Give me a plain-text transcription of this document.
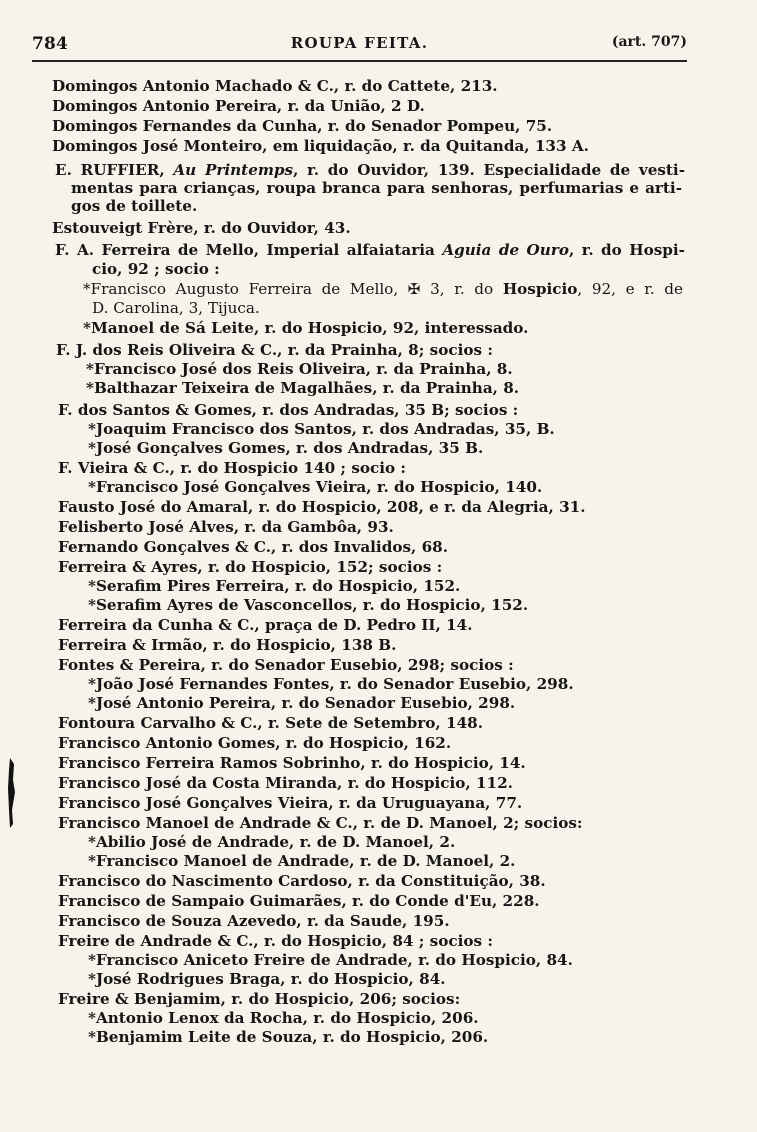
784	ROUPA FEITA.	(art. 707)
Domingos Antonio Machado & C., r. do Cattete, 213.
Domingos Antonio Pereira, r. da União, 2 D.
Domingos Fernandes da Cunha, r. do Senador Pompeu, 75.
Domingos José Monteiro, em liquidação, r. da Quitanda, 133 A.
E. RUFFIER, Au Printemps, r. do Ouvidor, 139. Especialidade de vesti-
mentas para crianças, roupa branca para senhoras, perfumarias e arti-
gos de toillete.
Estouveigt Frère, r. do Ouvidor, 43.
F. A. Ferreira de Mello, Imperial alfaiataria Aguia de Ouro, r. do Hospi-
cio, 92 ; socio :
*Francisco Augusto Ferreira de Mello, ✠ 3, r. do Hospicio, 92, e r. de
D. Carolina, 3, Tijuca.
*Manoel de Sá Leite, r. do Hospicio, 92, interessado.
F. J. dos Reis Oliveira & C., r. da Prainha, 8; socios :
*Francisco José dos Reis Oliveira, r. da Prainha, 8.
*Balthazar Teixeira de Magalhães, r. da Prainha, 8.
F. dos Santos & Gomes, r. dos Andradas, 35 B; socios :
*Joaquim Francisco dos Santos, r. dos Andradas, 35, B.
*José Gonçalves Gomes, r. dos Andradas, 35 B.
F. Vieira & C., r. do Hospicio 140 ; socio :
*Francisco José Gonçalves Vieira, r. do Hospicio, 140.
Fausto José do Amaral, r. do Hospicio, 208, e r. da Alegria, 31.
Felisberto José Alves, r. da Gambôa, 93.
Fernando Gonçalves & C., r. dos Invalidos, 68.
Ferreira & Ayres, r. do Hospicio, 152; socios :
*Serafim Pires Ferreira, r. do Hospicio, 152.
*Serafim Ayres de Vasconcellos, r. do Hospicio, 152.
Ferreira da Cunha & C., praça de D. Pedro II, 14.
Ferreira & Irmão, r. do Hospicio, 138 B.
Fontes & Pereira, r. do Senador Eusebio, 298; socios :
*João José Fernandes Fontes, r. do Senador Eusebio, 298.
*José Antonio Pereira, r. do Senador Eusebio, 298.
Fontoura Carvalho & C., r. Sete de Setembro, 148.
Francisco Antonio Gomes, r. do Hospicio, 162.
Francisco Ferreira Ramos Sobrinho, r. do Hospicio, 14.
Francisco José da Costa Miranda, r. do Hospicio, 112.
Francisco José Gonçalves Vieira, r. da Uruguayana, 77.
Francisco Manoel de Andrade & C., r. de D. Manoel, 2; socios:
*Abilio José de Andrade, r. de D. Manoel, 2.
*Francisco Manoel de Andrade, r. de D. Manoel, 2.
Francisco do Nascimento Cardoso, r. da Constituição, 38.
Francisco de Sampaio Guimarães, r. do Conde d'Eu, 228.
Francisco de Souza Azevedo, r. da Saude, 195.
Freire de Andrade & C., r. do Hospicio, 84 ; socios :
*Francisco Aniceto Freire de Andrade, r. do Hospicio, 84.
*José Rodrigues Braga, r. do Hospicio, 84.
Freire & Benjamim, r. do Hospicio, 206; socios:
*Antonio Lenox da Rocha, r. do Hospicio, 206.
*Benjamim Leite de Souza, r. do Hospicio, 206.
